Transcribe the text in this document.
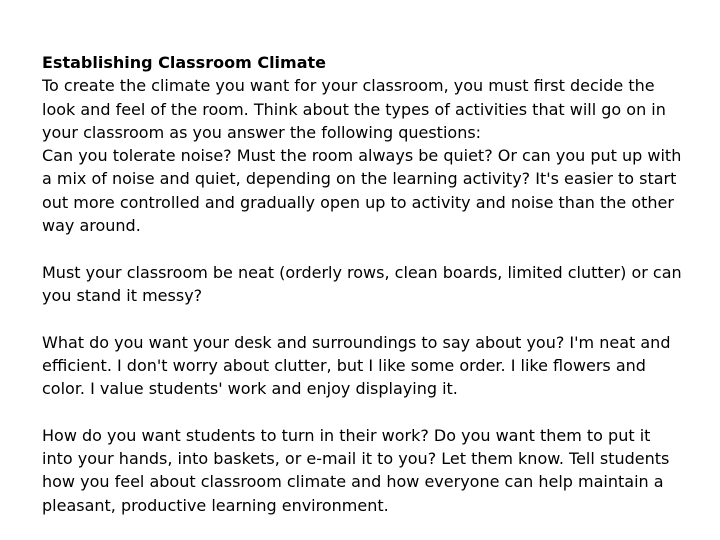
Establishing Classroom Climate

To create the climate you want for your classroom, you must first decide the look and feel of the room. Think about the types of activities that will go on in your classroom as you answer the following questions:

Can you tolerate noise? Must the room always be quiet? Or can you put up with a mix of noise and quiet, depending on the learning activity? It's easier to start out more controlled and gradually open up to activity and noise than the other way around.

Must your classroom be neat (orderly rows, clean boards, limited clutter) or can you stand it messy?

What do you want your desk and surroundings to say about you? I'm neat and efficient. I don't worry about clutter, but I like some order. I like flowers and color. I value students' work and enjoy displaying it.

How do you want students to turn in their work? Do you want them to put it into your hands, into baskets, or e-mail it to you? Let them know. Tell students how you feel about classroom climate and how everyone can help maintain a pleasant, productive learning environment.
